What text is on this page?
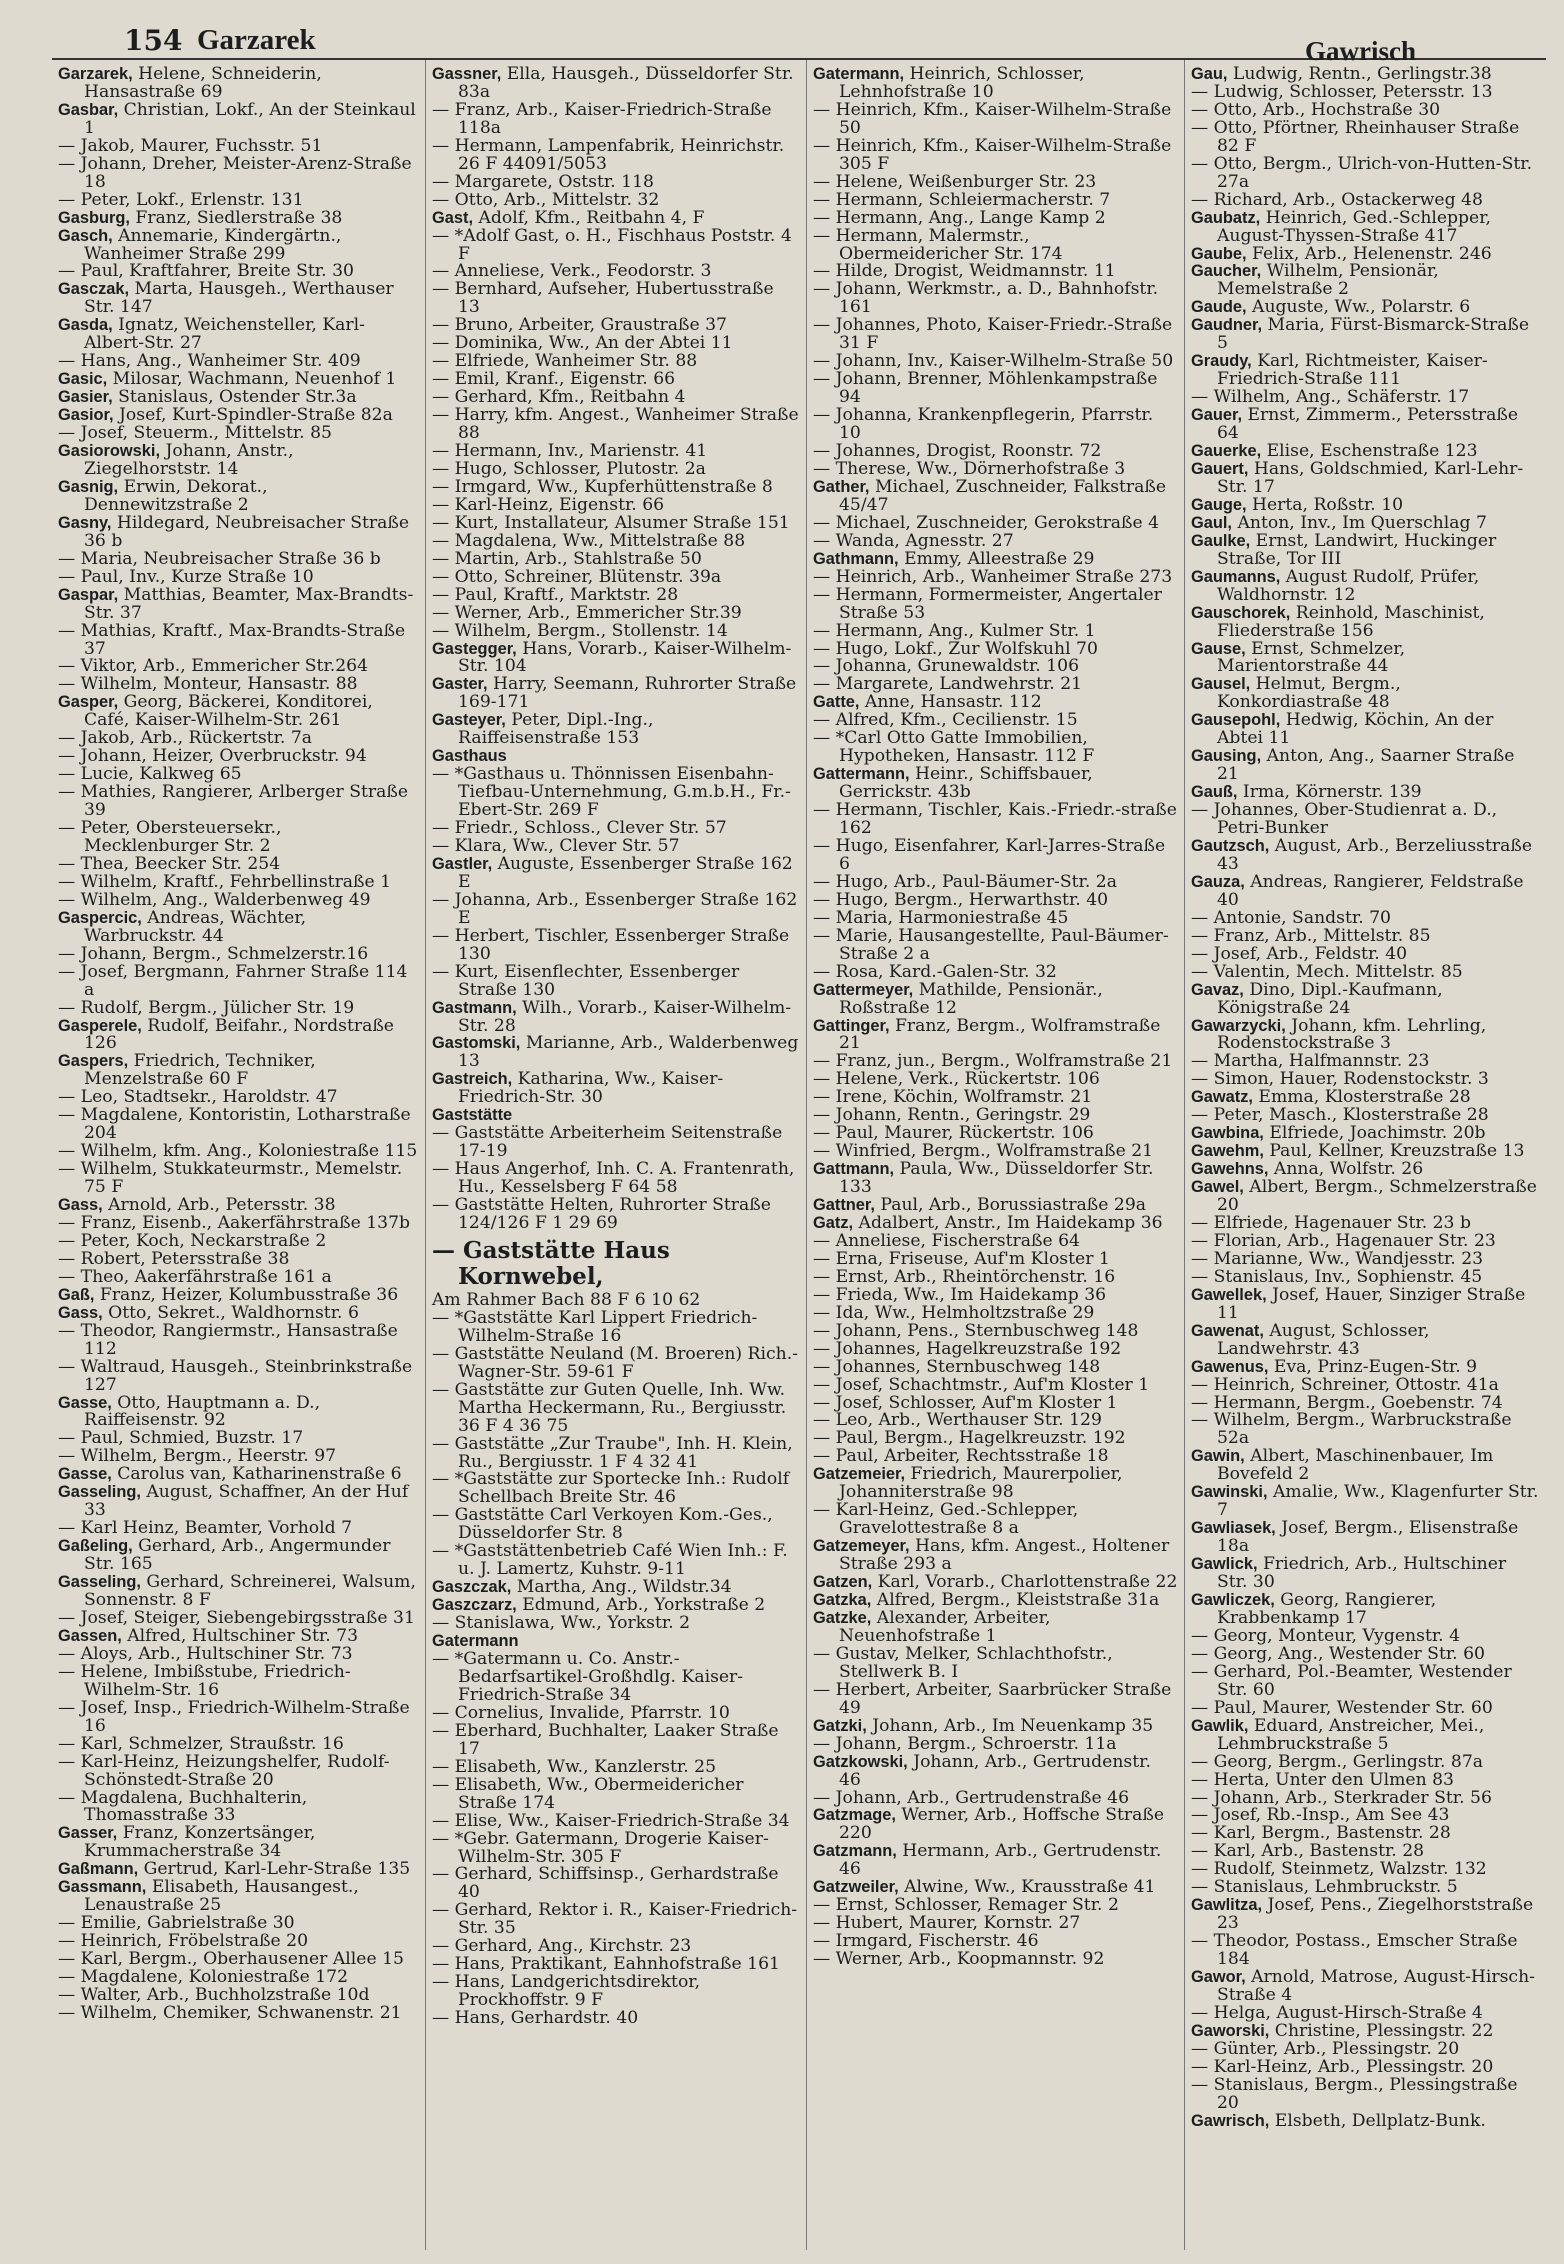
154 Garzarek	Gawrisch

Garzarek, Helene, Schneiderin, Hansastraße 69

Gasbar, Christian, Lokf., An der Steinkaul 1

— Jakob, Maurer, Fuchsstr. 51

— Johann, Dreher, Meister-Arenz-Straße 18

— Peter, Lokf., Erlenstr. 131

Gasburg, Franz, Siedlerstraße 38

Gasch, Annemarie, Kindergärtn., Wanheimer Straße 299

— Paul, Kraftfahrer, Breite Str. 30

Gasczak, Marta, Hausgeh., Werthauser Str. 147

Gasda, Ignatz, Weichensteller, Karl-Albert-Str. 27

— Hans, Ang., Wanheimer Str. 409

Gasic, Milosar, Wachmann, Neuenhof 1

Gasier, Stanislaus, Ostender Str.3a

Gasior, Josef, Kurt-Spindler-Straße 82a

— Josef, Steuerm., Mittelstr. 85

Gasiorowski, Johann, Anstr., Ziegelhorststr. 14

Gasnig, Erwin, Dekorat., Dennewitzstraße 2

Gasny, Hildegard, Neubreisacher Straße 36 b

— Maria, Neubreisacher Straße 36 b

— Paul, Inv., Kurze Straße 10

Gaspar, Matthias, Beamter, Max-Brandts-Str. 37

— Mathias, Kraftf., Max-Brandts-Straße 37

— Viktor, Arb., Emmericher Str.264

— Wilhelm, Monteur, Hansastr. 88

Gasper, Georg, Bäckerei, Konditorei, Café, Kaiser-Wilhelm-Str. 261

— Jakob, Arb., Rückertstr. 7a

— Johann, Heizer, Overbruckstr. 94

— Lucie, Kalkweg 65

— Mathies, Rangierer, Arlberger Straße 39

— Peter, Obersteuersekr., Mecklenburger Str. 2

— Thea, Beecker Str. 254

— Wilhelm, Kraftf., Fehrbellinstraße 1

— Wilhelm, Ang., Walderbenweg 49

Gaspercic, Andreas, Wächter, Warbruckstr. 44

— Johann, Bergm., Schmelzerstr.16

— Josef, Bergmann, Fahrner Straße 114 a

— Rudolf, Bergm., Jülicher Str. 19

Gasperele, Rudolf, Beifahr., Nordstraße 126

Gaspers, Friedrich, Techniker, Menzelstraße 60 F

— Leo, Stadtsekr., Haroldstr. 47

— Magdalene, Kontoristin, Lotharstraße 204

— Wilhelm, kfm. Ang., Koloniestraße 115

— Wilhelm, Stukkateurmstr., Memelstr. 75 F

Gass, Arnold, Arb., Petersstr. 38

— Franz, Eisenb., Aakerfährstraße 137b

— Peter, Koch, Neckarstraße 2

— Robert, Petersstraße 38

— Theo, Aakerfährstraße 161 a

Gaß, Franz, Heizer, Kolumbusstraße 36

Gass, Otto, Sekret., Waldhornstr. 6

— Theodor, Rangiermstr., Hansastraße 112

— Waltraud, Hausgeh., Steinbrinkstraße 127

Gasse, Otto, Hauptmann a. D., Raiffeisenstr. 92

— Paul, Schmied, Buzstr. 17

— Wilhelm, Bergm., Heerstr. 97

Gasse, Carolus van, Katharinenstraße 6

Gasseling, August, Schaffner, An der Huf 33

— Karl Heinz, Beamter, Vorhold 7

Gaßeling, Gerhard, Arb., Angermunder Str. 165

Gasseling, Gerhard, Schreinerei, Walsum, Sonnenstr. 8 F

— Josef, Steiger, Siebengebirgsstraße 31

Gassen, Alfred, Hultschiner Str. 73

— Aloys, Arb., Hultschiner Str. 73

— Helene, Imbißstube, Friedrich-Wilhelm-Str. 16

— Josef, Insp., Friedrich-Wilhelm-Straße 16

— Karl, Schmelzer, Straußstr. 16

— Karl-Heinz, Heizungshelfer, Rudolf-Schönstedt-Straße 20

— Magdalena, Buchhalterin, Thomasstraße 33

Gasser, Franz, Konzertsänger, Krummacherstraße 34

Gaßmann, Gertrud, Karl-Lehr-Straße 135

Gassmann, Elisabeth, Hausangest., Lenaustraße 25

— Emilie, Gabrielstraße 30

— Heinrich, Fröbelstraße 20

— Karl, Bergm., Oberhausener Allee 15

— Magdalene, Koloniestraße 172

— Walter, Arb., Buchholzstraße 10d

— Wilhelm, Chemiker, Schwanenstr. 21

Gassner, Ella, Hausgeh., Düsseldorfer Str. 83a

— Franz, Arb., Kaiser-Friedrich-Straße 118a

— Hermann, Lampenfabrik, Heinrichstr. 26 F 44091/5053

— Margarete, Oststr. 118

— Otto, Arb., Mittelstr. 32

Gast, Adolf, Kfm., Reitbahn 4, F

— *Adolf Gast, o. H., Fischhaus Poststr. 4 F

— Anneliese, Verk., Feodorstr. 3

— Bernhard, Aufseher, Hubertusstraße 13

— Bruno, Arbeiter, Graustraße 37

— Dominika, Ww., An der Abtei 11

— Elfriede, Wanheimer Str. 88

— Emil, Kranf., Eigenstr. 66

— Gerhard, Kfm., Reitbahn 4

— Harry, kfm. Angest., Wanheimer Straße 88

— Hermann, Inv., Marienstr. 41

— Hugo, Schlosser, Plutostr. 2a

— Irmgard, Ww., Kupferhüttenstraße 8

— Karl-Heinz, Eigenstr. 66

— Kurt, Installateur, Alsumer Straße 151

— Magdalena, Ww., Mittelstraße 88

— Martin, Arb., Stahlstraße 50

— Otto, Schreiner, Blütenstr. 39a

— Paul, Kraftf., Marktstr. 28

— Werner, Arb., Emmericher Str.39

— Wilhelm, Bergm., Stollenstr. 14

Gastegger, Hans, Vorarb., Kaiser-Wilhelm-Str. 104

Gaster, Harry, Seemann, Ruhrorter Straße 169-171

Gasteyer, Peter, Dipl.-Ing., Raiffeisenstraße 153

Gasthaus

— *Gasthaus u. Thönnissen Eisenbahn-Tiefbau-Unternehmung, G.m.b.H., Fr.-Ebert-Str. 269 F

— Friedr., Schloss., Clever Str. 57

— Klara, Ww., Clever Str. 57

Gastler, Auguste, Essenberger Straße 162 E

— Johanna, Arb., Essenberger Straße 162 E

— Herbert, Tischler, Essenberger Straße 130

— Kurt, Eisenflechter, Essenberger Straße 130

Gastmann, Wilh., Vorarb., Kaiser-Wilhelm-Str. 28

Gastomski, Marianne, Arb., Walderbenweg 13

Gastreich, Katharina, Ww., Kaiser-Friedrich-Str. 30

Gaststätte

— Gaststätte Arbeiterheim Seitenstraße 17-19

— Haus Angerhof, Inh. C. A. Frantenrath, Hu., Kesselsberg F 64 58

— Gaststätte Helten, Ruhrorter Straße 124/126 F 1 29 69

— Gaststätte Haus Kornwebel,

Am Rahmer Bach 88 F 6 10 62

— *Gaststätte Karl Lippert Friedrich-Wilhelm-Straße 16

— Gaststätte Neuland (M. Broeren) Rich.-Wagner-Str. 59-61 F

— Gaststätte zur Guten Quelle, Inh. Ww. Martha Heckermann, Ru., Bergiusstr. 36 F 4 36 75

— Gaststätte „Zur Traube", Inh. H. Klein, Ru., Bergiusstr. 1 F 4 32 41

— *Gaststätte zur Sportecke Inh.: Rudolf Schellbach Breite Str. 46

— Gaststätte Carl Verkoyen Kom.-Ges., Düsseldorfer Str. 8

— *Gaststättenbetrieb Café Wien Inh.: F. u. J. Lamertz, Kuhstr. 9-11

Gaszczak, Martha, Ang., Wildstr.34

Gaszczarz, Edmund, Arb., Yorkstraße 2

— Stanislawa, Ww., Yorkstr. 2

Gatermann

— *Gatermann u. Co. Anstr.-Bedarfsartikel-Großhdlg. Kaiser-Friedrich-Straße 34

— Cornelius, Invalide, Pfarrstr. 10

— Eberhard, Buchhalter, Laaker Straße 17

— Elisabeth, Ww., Kanzlerstr. 25

— Elisabeth, Ww., Obermeidericher Straße 174

— Elise, Ww., Kaiser-Friedrich-Straße 34

— *Gebr. Gatermann, Drogerie Kaiser-Wilhelm-Str. 305 F

— Gerhard, Schiffsinsp., Gerhardstraße 40

— Gerhard, Rektor i. R., Kaiser-Friedrich-Str. 35

— Gerhard, Ang., Kirchstr. 23

— Hans, Praktikant, Eahnhofstraße 161

— Hans, Landgerichtsdirektor, Prockhoffstr. 9 F

— Hans, Gerhardstr. 40

Gatermann, Heinrich, Schlosser, Lehnhofstraße 10

— Heinrich, Kfm., Kaiser-Wilhelm-Straße 50

— Heinrich, Kfm., Kaiser-Wilhelm-Straße 305 F

— Helene, Weißenburger Str. 23

— Hermann, Schleiermacherstr. 7

— Hermann, Ang., Lange Kamp 2

— Hermann, Malermstr., Obermeidericher Str. 174

— Hilde, Drogist, Weidmannstr. 11

— Johann, Werkmstr., a. D., Bahnhofstr. 161

— Johannes, Photo, Kaiser-Friedr.-Straße 31 F

— Johann, Inv., Kaiser-Wilhelm-Straße 50

— Johann, Brenner, Möhlenkampstraße 94

— Johanna, Krankenpflegerin, Pfarrstr. 10

— Johannes, Drogist, Roonstr. 72

— Therese, Ww., Dörnerhofstraße 3

Gather, Michael, Zuschneider, Falkstraße 45/47

— Michael, Zuschneider, Gerokstraße 4

— Wanda, Agnesstr. 27

Gathmann, Emmy, Alleestraße 29

— Heinrich, Arb., Wanheimer Straße 273

— Hermann, Formermeister, Angertaler Straße 53

— Hermann, Ang., Kulmer Str. 1

— Hugo, Lokf., Zur Wolfskuhl 70

— Johanna, Grunewaldstr. 106

— Margarete, Landwehrstr. 21

Gatte, Anne, Hansastr. 112

— Alfred, Kfm., Cecilienstr. 15

— *Carl Otto Gatte Immobilien, Hypotheken, Hansastr. 112 F

Gattermann, Heinr., Schiffsbauer, Gerrickstr. 43b

— Hermann, Tischler, Kais.-Friedr.-straße 162

— Hugo, Eisenfahrer, Karl-Jarres-Straße 6

— Hugo, Arb., Paul-Bäumer-Str. 2a

— Hugo, Bergm., Herwarthstr. 40

— Maria, Harmoniestraße 45

— Marie, Hausangestellte, Paul-Bäumer-Straße 2 a

— Rosa, Kard.-Galen-Str. 32

Gattermeyer, Mathilde, Pensionär., Roßstraße 12

Gattinger, Franz, Bergm., Wolframstraße 21

— Franz, jun., Bergm., Wolframstraße 21

— Helene, Verk., Rückertstr. 106

— Irene, Köchin, Wolframstr. 21

— Johann, Rentn., Geringstr. 29

— Paul, Maurer, Rückertstr. 106

— Winfried, Bergm., Wolframstraße 21

Gattmann, Paula, Ww., Düsseldorfer Str. 133

Gattner, Paul, Arb., Borussiastraße 29a

Gatz, Adalbert, Anstr., Im Haidekamp 36

— Anneliese, Fischerstraße 64

— Erna, Friseuse, Auf'm Kloster 1

— Ernst, Arb., Rheintörchenstr. 16

— Frieda, Ww., Im Haidekamp 36

— Ida, Ww., Helmholtzstraße 29

— Johann, Pens., Sternbuschweg 148

— Johannes, Hagelkreuzstraße 192

— Johannes, Sternbuschweg 148

— Josef, Schachtmstr., Auf'm Kloster 1

— Josef, Schlosser, Auf'm Kloster 1

— Leo, Arb., Werthauser Str. 129

— Paul, Bergm., Hagelkreuzstr. 192

— Paul, Arbeiter, Rechtsstraße 18

Gatzemeier, Friedrich, Maurerpolier, Johanniterstraße 98

— Karl-Heinz, Ged.-Schlepper, Gravelottestraße 8 a

Gatzemeyer, Hans, kfm. Angest., Holtener Straße 293 a

Gatzen, Karl, Vorarb., Charlottenstraße 22

Gatzka, Alfred, Bergm., Kleiststraße 31a

Gatzke, Alexander, Arbeiter, Neuenhofstraße 1

— Gustav, Melker, Schlachthofstr., Stellwerk B. I

— Herbert, Arbeiter, Saarbrücker Straße 49

Gatzki, Johann, Arb., Im Neuenkamp 35

— Johann, Bergm., Schroerstr. 11a

Gatzkowski, Johann, Arb., Gertrudenstr. 46

— Johann, Arb., Gertrudenstraße 46

Gatzmage, Werner, Arb., Hoffsche Straße 220

Gatzmann, Hermann, Arb., Gertrudenstr. 46

Gatzweiler, Alwine, Ww., Krausstraße 41

— Ernst, Schlosser, Remager Str. 2

— Hubert, Maurer, Kornstr. 27

— Irmgard, Fischerstr. 46

— Werner, Arb., Koopmannstr. 92

Gau, Ludwig, Rentn., Gerlingstr.38

— Ludwig, Schlosser, Petersstr. 13

— Otto, Arb., Hochstraße 30

— Otto, Pförtner, Rheinhauser Straße 82 F

— Otto, Bergm., Ulrich-von-Hutten-Str. 27a

— Richard, Arb., Ostackerweg 48

Gaubatz, Heinrich, Ged.-Schlepper, August-Thyssen-Straße 417

Gaube, Felix, Arb., Helenenstr. 246

Gaucher, Wilhelm, Pensionär, Memelstraße 2

Gaude, Auguste, Ww., Polarstr. 6

Gaudner, Maria, Fürst-Bismarck-Straße 5

Graudy, Karl, Richtmeister, Kaiser-Friedrich-Straße 111

— Wilhelm, Ang., Schäferstr. 17

Gauer, Ernst, Zimmerm., Petersstraße 64

Gauerke, Elise, Eschenstraße 123

Gauert, Hans, Goldschmied, Karl-Lehr-Str. 17

Gauge, Herta, Roßstr. 10

Gaul, Anton, Inv., Im Querschlag 7

Gaulke, Ernst, Landwirt, Huckinger Straße, Tor III

Gaumanns, August Rudolf, Prüfer, Waldhornstr. 12

Gauschorek, Reinhold, Maschinist, Fliederstraße 156

Gause, Ernst, Schmelzer, Marientorstraße 44

Gausel, Helmut, Bergm., Konkordiastraße 48

Gausepohl, Hedwig, Köchin, An der Abtei 11

Gausing, Anton, Ang., Saarner Straße 21

Gauß, Irma, Körnerstr. 139

— Johannes, Ober-Studienrat a. D., Petri-Bunker

Gautzsch, August, Arb., Berzeliusstraße 43

Gauza, Andreas, Rangierer, Feldstraße 40

— Antonie, Sandstr. 70

— Franz, Arb., Mittelstr. 85

— Josef, Arb., Feldstr. 40

— Valentin, Mech. Mittelstr. 85

Gavaz, Dino, Dipl.-Kaufmann, Königstraße 24

Gawarzycki, Johann, kfm. Lehrling, Rodenstockstraße 3

— Martha, Halfmannstr. 23

— Simon, Hauer, Rodenstockstr. 3

Gawatz, Emma, Klosterstraße 28

— Peter, Masch., Klosterstraße 28

Gawbina, Elfriede, Joachimstr. 20b

Gawehm, Paul, Kellner, Kreuzstraße 13

Gawehns, Anna, Wolfstr. 26

Gawel, Albert, Bergm., Schmelzerstraße 20

— Elfriede, Hagenauer Str. 23 b

— Florian, Arb., Hagenauer Str. 23

— Marianne, Ww., Wandjesstr. 23

— Stanislaus, Inv., Sophienstr. 45

Gawellek, Josef, Hauer, Sinziger Straße 11

Gawenat, August, Schlosser, Landwehrstr. 43

Gawenus, Eva, Prinz-Eugen-Str. 9

— Heinrich, Schreiner, Ottostr. 41a

— Hermann, Bergm., Goebenstr. 74

— Wilhelm, Bergm., Warbruckstraße 52a

Gawin, Albert, Maschinenbauer, Im Bovefeld 2

Gawinski, Amalie, Ww., Klagenfurter Str. 7

Gawliasek, Josef, Bergm., Elisenstraße 18a

Gawlick, Friedrich, Arb., Hultschiner Str. 30

Gawliczek, Georg, Rangierer, Krabbenkamp 17

— Georg, Monteur, Vygenstr. 4

— Georg, Ang., Westender Str. 60

— Gerhard, Pol.-Beamter, Westender Str. 60

— Paul, Maurer, Westender Str. 60

Gawlik, Eduard, Anstreicher, Mei., Lehmbruckstraße 5

— Georg, Bergm., Gerlingstr. 87a

— Herta, Unter den Ulmen 83

— Johann, Arb., Sterkrader Str. 56

— Josef, Rb.-Insp., Am See 43

— Karl, Bergm., Bastenstr. 28

— Karl, Arb., Bastenstr. 28

— Rudolf, Steinmetz, Walzstr. 132

— Stanislaus, Lehmbruckstr. 5

Gawlitza, Josef, Pens., Ziegelhorststraße 23

— Theodor, Postass., Emscher Straße 184

Gawor, Arnold, Matrose, August-Hirsch-Straße 4

— Helga, August-Hirsch-Straße 4

Gaworski, Christine, Plessingstr. 22

— Günter, Arb., Plessingstr. 20

— Karl-Heinz, Arb., Plessingstr. 20

— Stanislaus, Bergm., Plessingstraße 20

Gawrisch, Elsbeth, Dellplatz-Bunk.
